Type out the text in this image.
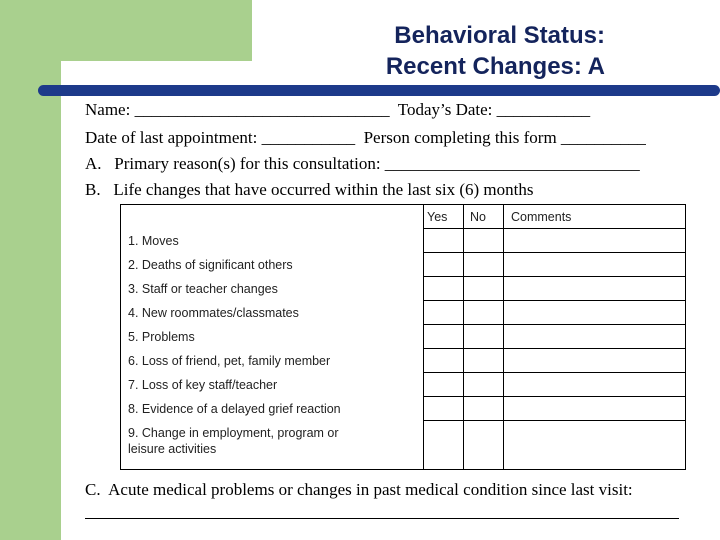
Behavioral Status:
Recent Changes: A
Name: ______________________________  Today’s Date: ___________
Date of last appointment: ___________  Person completing this form __________
A.   Primary reason(s) for this consultation: ______________________________
B.   Life changes that have occurred within the last six (6) months
Yes No Comments
1. Moves
2. Deaths of significant others
3. Staff or teacher changes
4. New roommates/classmates
5. Problems
6. Loss of friend, pet, family member
7. Loss of key staff/teacher
8. Evidence of a delayed grief reaction
9. Change in employment, program or leisure activities
C.  Acute medical problems or changes in past medical condition since last visit:
